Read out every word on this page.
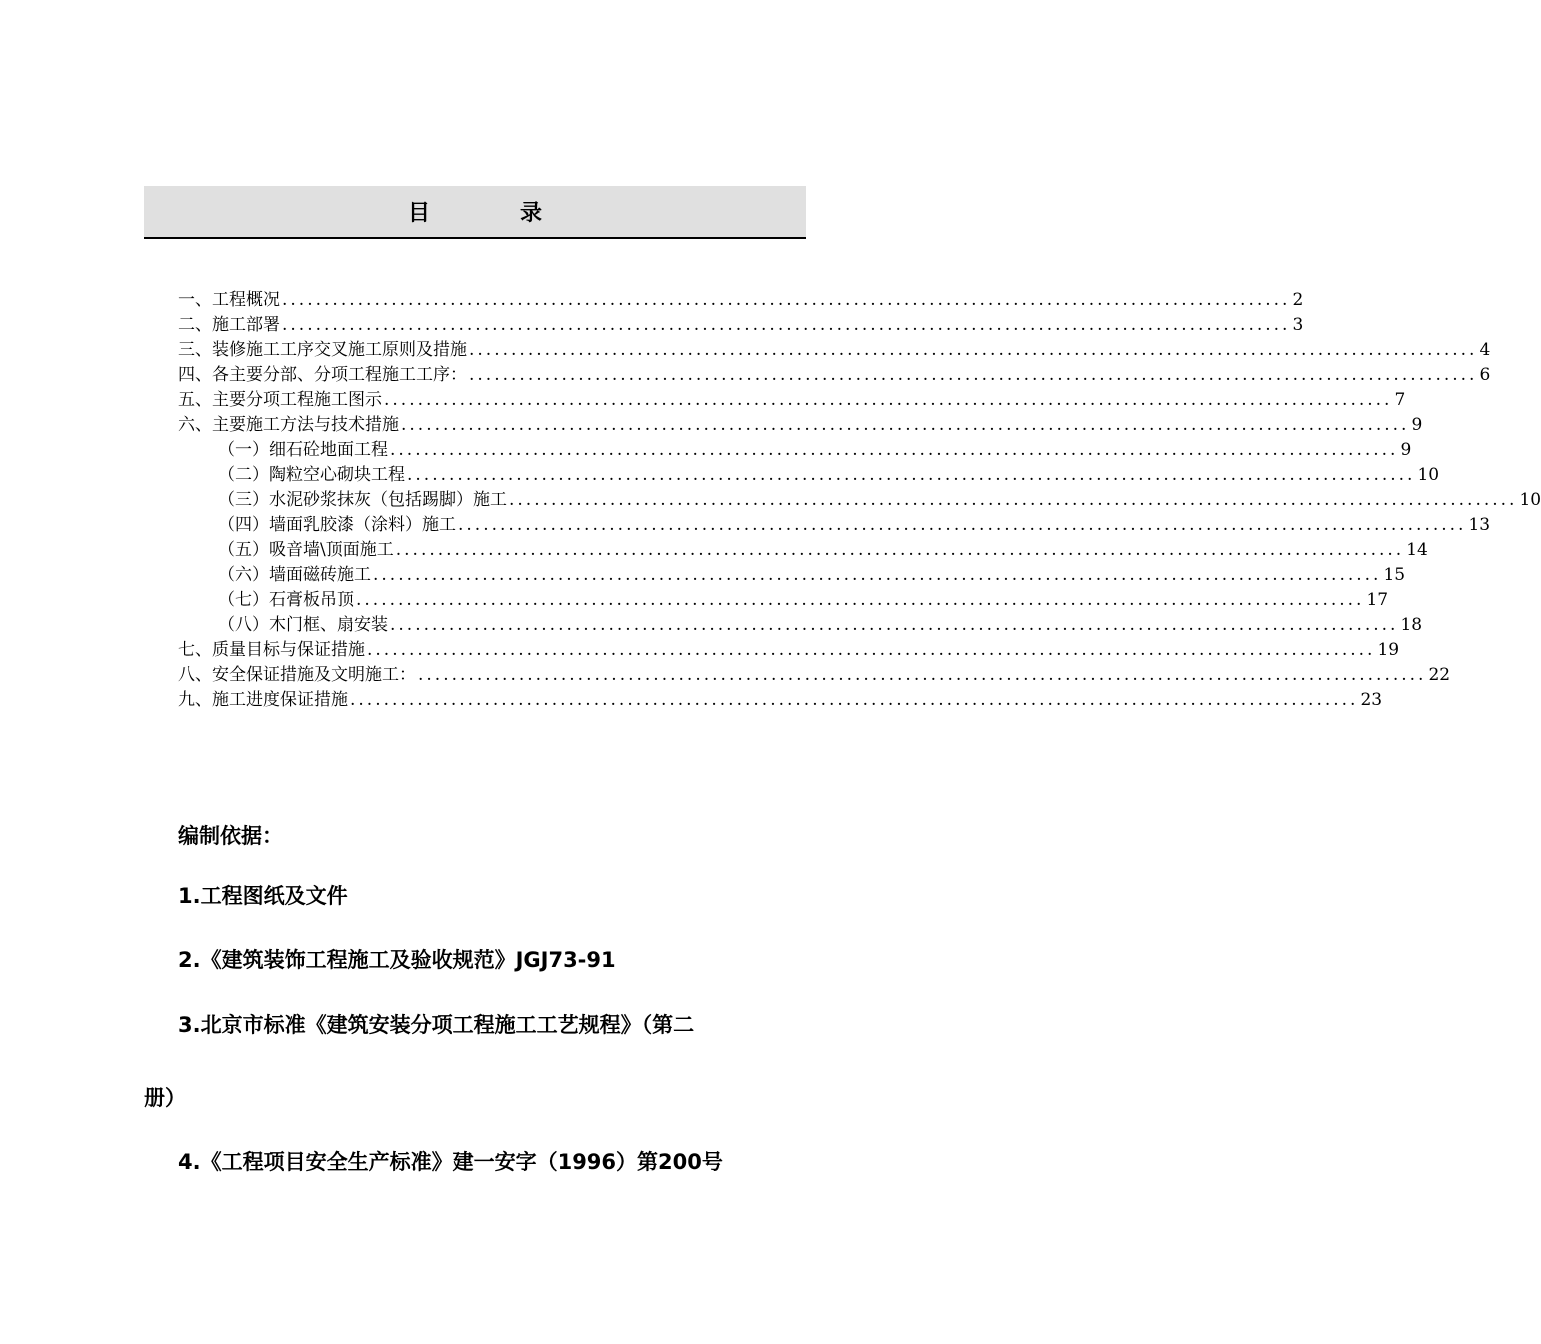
目	录
一、工程概况 ........................................................................................................................ 2
二、施工部署 ........................................................................................................................ 3
三、装修施工工序交叉施工原则及措施 ........................................................................................................................ 4
四、各主要分部、分项工程施工工序： ........................................................................................................................ 6
五、主要分项工程施工图示 ........................................................................................................................ 7
六、主要施工方法与技术措施 ........................................................................................................................ 9
（一）细石砼地面工程 ........................................................................................................................ 9
（二）陶粒空心砌块工程 ........................................................................................................................ 10
（三）水泥砂浆抹灰（包括踢脚）施工 ........................................................................................................................ 10
（四）墙面乳胶漆（涂料）施工 ........................................................................................................................ 13
（五）吸音墙\顶面施工 ........................................................................................................................ 14
（六）墙面磁砖施工 ........................................................................................................................ 15
（七）石膏板吊顶 ........................................................................................................................ 17
（八）木门框、扇安装 ........................................................................................................................ 18
七、质量目标与保证措施 ........................................................................................................................ 19
八、安全保证措施及文明施工： ........................................................................................................................ 22
九、施工进度保证措施 ........................................................................................................................ 23

编制依据：

1.工程图纸及文件

2.《建筑装饰工程施工及验收规范》JGJ73-91

3.北京市标准《建筑安装分项工程施工工艺规程》（第二

册）

4.《工程项目安全生产标准》建一安字（1996）第200号
